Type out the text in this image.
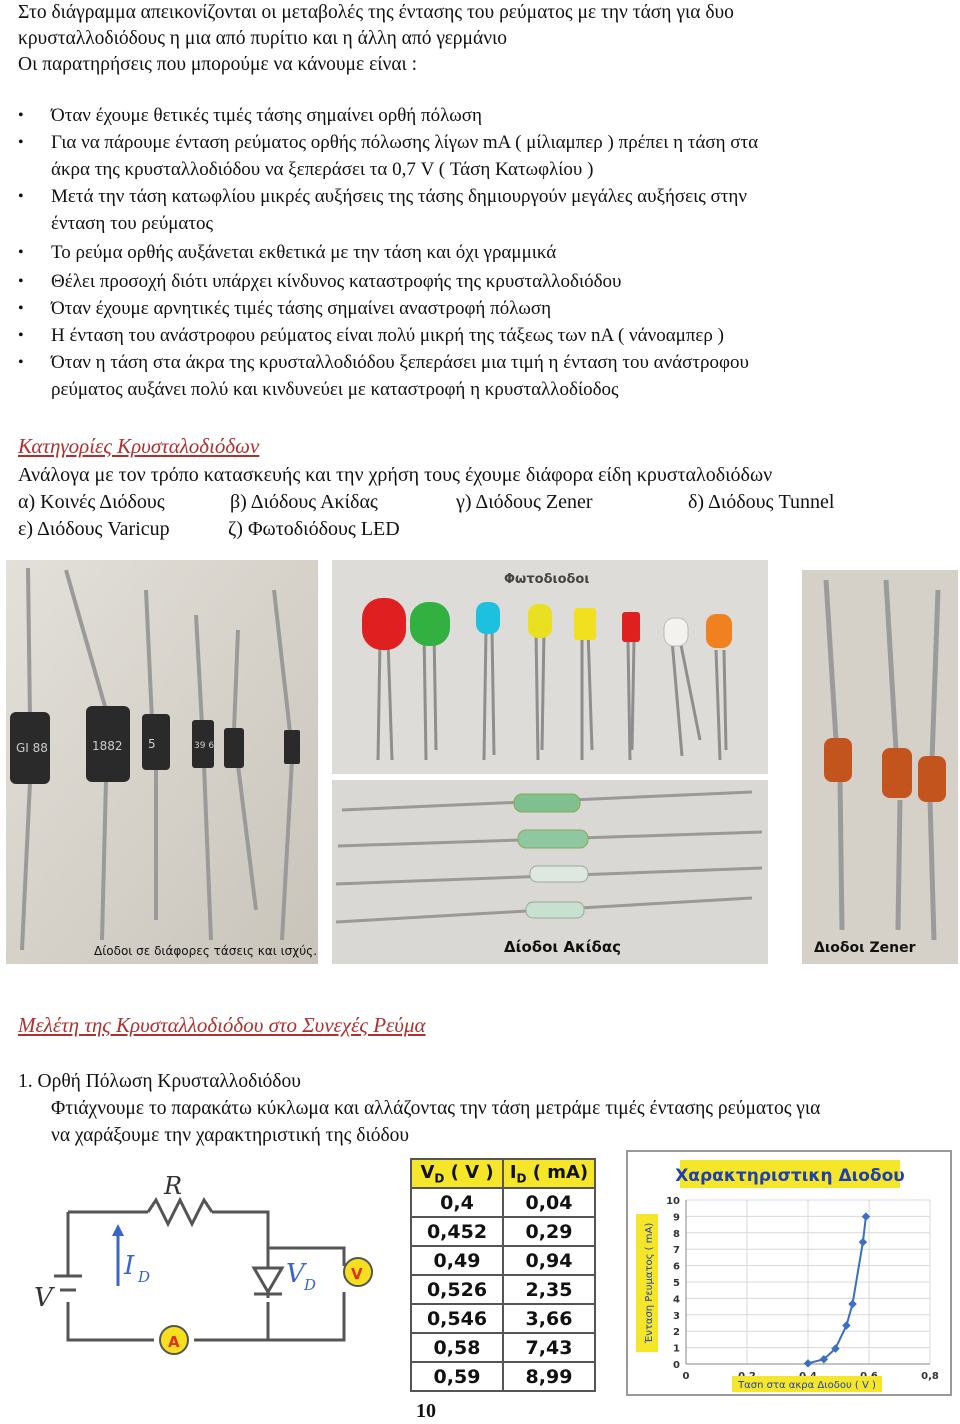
Στο διάγραμμα απεικονίζονται οι μεταβολές της έντασης του ρεύματος με την τάση για δυο
κρυσταλλοδιόδους η μια από πυρίτιο και η άλλη από γερμάνιο
Οι παρατηρήσεις που μπορούμε να κάνουμε είναι :
• Όταν έχουμε θετικές τιμές τάσης σημαίνει ορθή πόλωση
• Για να πάρουμε ένταση ρεύματος ορθής πόλωσης λίγων mA ( μίλιαμπερ ) πρέπει η τάση στα
άκρα της κρυσταλλοδιόδου να ξεπεράσει τα 0,7 V ( Τάση Κατωφλίου )
• Μετά την τάση κατωφλίου μικρές αυξήσεις της τάσης δημιουργούν μεγάλες αυξήσεις στην
ένταση του ρεύματος
• Το ρεύμα ορθής αυξάνεται εκθετικά με την τάση και όχι γραμμικά
• Θέλει προσοχή διότι υπάρχει κίνδυνος καταστροφής της κρυσταλλοδιόδου
• Όταν έχουμε αρνητικές τιμές τάσης σημαίνει αναστροφή πόλωση
• Η ένταση του ανάστροφου ρεύματος είναι πολύ μικρή της τάξεως των nA ( νάνοαμπερ )
• Όταν η τάση στα άκρα της κρυσταλλοδιόδου ξεπεράσει μια τιμή η ένταση του ανάστροφου
ρεύματος αυξάνει πολύ και κινδυνεύει με καταστροφή η κρυσταλλοδίοδος
Κατηγορίες Κρυσταλοδιόδων
Ανάλογα με τον τρόπο κατασκευής και την χρήση τους έχουμε διάφορα είδη κρυσταλοδιόδων
α) Κοινές Διόδους	β) Διόδους Ακίδας	γ) Διόδους Zener	δ) Διόδους Tunnel
ε) Διόδους Varicup	ζ) Φωτοδιόδους LED
GI 88	1882 5	39 6B
Δίοδοι σε διάφορες τάσεις και ισχύς.
Φωτοδιοδοι
Δίοδοι Ακίδας	Διοδοι Zener
Μελέτη της Κρυσταλλοδιόδου στο Συνεχές Ρεύμα
1. Ορθή Πόλωση Κρυσταλλοδιόδου
Φτιάχνουμε το παρακάτω κύκλωμα και αλλάζοντας την τάση μετράμε τιμές έντασης ρεύματος για
να χαράξουμε την χαρακτηριστική της διόδου
R
I D	V D
V
V
A
$V_D$ ( V )	$I_D$ ( mA)
0,4	0,04
0,452	0,29
0,49	0,94
0,526	2,35
0,546	3,66
0,58	7,43
0,59	8,99
Χαρακτηριστικη Διοδου
0
1
2
3
4
5
6
7
8
9
10
0	0,8
Ένταση Ρευματος ( mA)
Τασn στα ακρα Διοδου ( V )
10
